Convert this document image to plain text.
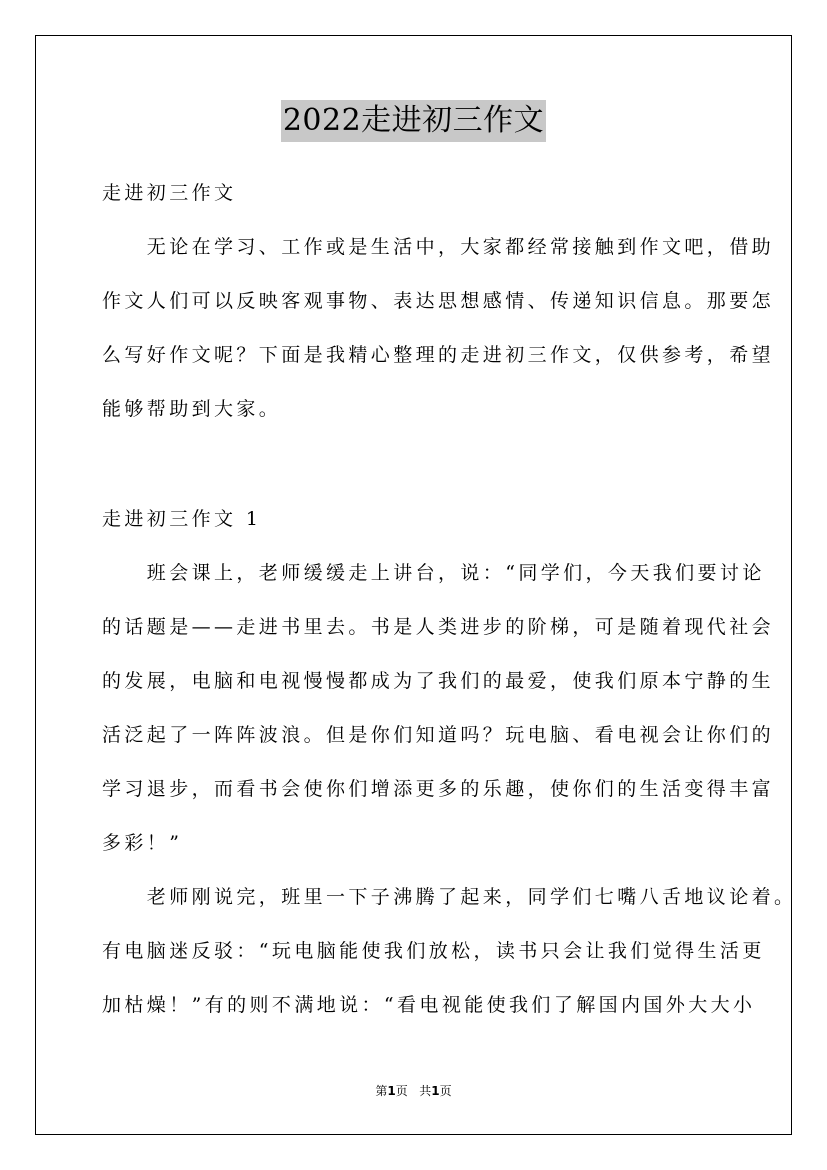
2022走进初三作文
走进初三作文
　　无论在学习、工作或是生活中，大家都经常接触到作文吧，借助
作文人们可以反映客观事物、表达思想感情、传递知识信息。那要怎
么写好作文呢？下面是我精心整理的走进初三作文，仅供参考，希望
能够帮助到大家。
走进初三作文 1
　　班会课上，老师缓缓走上讲台，说：“同学们，今天我们要讨论
的话题是——走进书里去。书是人类进步的阶梯，可是随着现代社会
的发展，电脑和电视慢慢都成为了我们的最爱，使我们原本宁静的生
活泛起了一阵阵波浪。但是你们知道吗？玩电脑、看电视会让你们的
学习退步，而看书会使你们增添更多的乐趣，使你们的生活变得丰富
多彩！”
　　老师刚说完，班里一下子沸腾了起来，同学们七嘴八舌地议论着。
有电脑迷反驳：“玩电脑能使我们放松，读书只会让我们觉得生活更
加枯燥！”有的则不满地说：“看电视能使我们了解国内国外大大小
第1页 共1页
